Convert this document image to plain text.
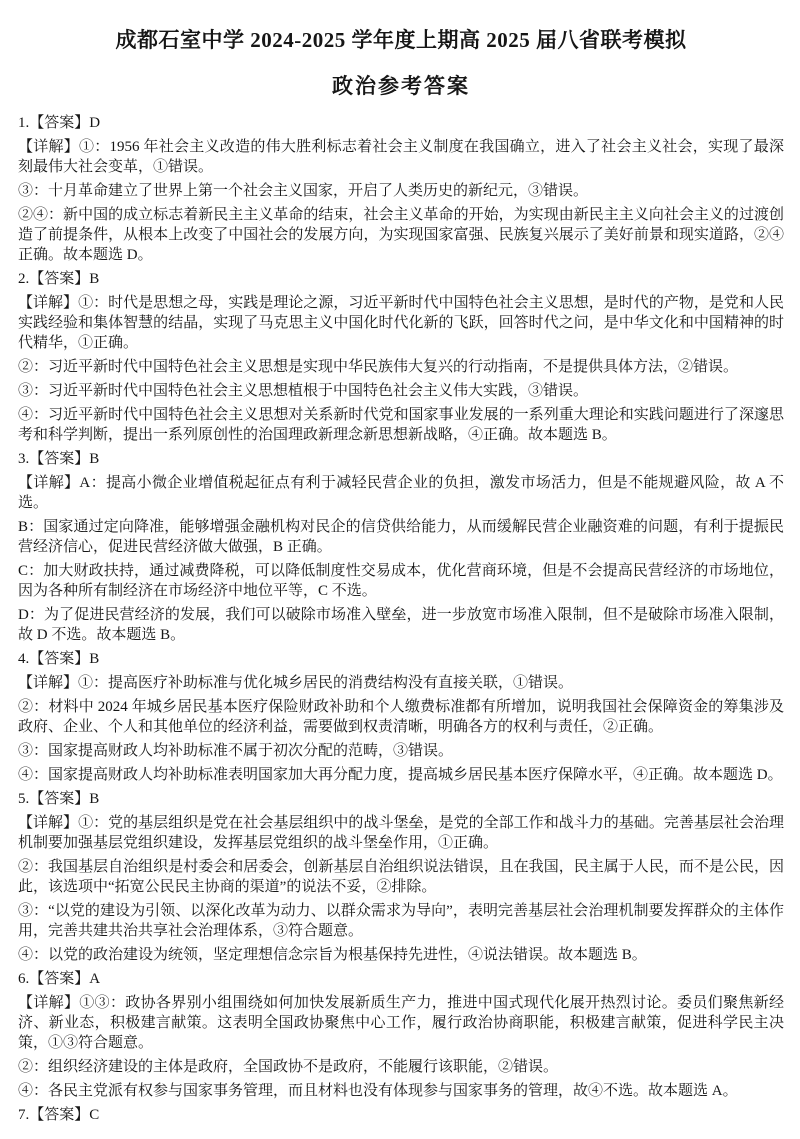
成都石室中学 2024-2025 学年度上期高 2025 届八省联考模拟
政治参考答案

1.【答案】D

【详解】①：1956 年社会主义改造的伟大胜利标志着社会主义制度在我国确立，进入了社会主义社会，实现了最深刻最伟大社会变革，①错误。

③：十月革命建立了世界上第一个社会主义国家，开启了人类历史的新纪元，③错误。

②④：新中国的成立标志着新民主主义革命的结束，社会主义革命的开始，为实现由新民主主义向社会主义的过渡创造了前提条件，从根本上改变了中国社会的发展方向，为实现国家富强、民族复兴展示了美好前景和现实道路，②④正确。故本题选 D。

2.【答案】B

【详解】①：时代是思想之母，实践是理论之源，习近平新时代中国特色社会主义思想，是时代的产物，是党和人民实践经验和集体智慧的结晶，实现了马克思主义中国化时代化新的飞跃，回答时代之问，是中华文化和中国精神的时代精华，①正确。

②：习近平新时代中国特色社会主义思想是实现中华民族伟大复兴的行动指南，不是提供具体方法，②错误。

③：习近平新时代中国特色社会主义思想植根于中国特色社会主义伟大实践，③错误。

④：习近平新时代中国特色社会主义思想对关系新时代党和国家事业发展的一系列重大理论和实践问题进行了深邃思考和科学判断，提出一系列原创性的治国理政新理念新思想新战略，④正确。故本题选 B。

3.【答案】B

【详解】A：提高小微企业增值税起征点有利于减轻民营企业的负担，激发市场活力，但是不能规避风险，故 A 不选。

B：国家通过定向降准，能够增强金融机构对民企的信贷供给能力，从而缓解民营企业融资难的问题，有利于提振民营经济信心，促进民营经济做大做强，B 正确。

C：加大财政扶持，通过减费降税，可以降低制度性交易成本，优化营商环境，但是不会提高民营经济的市场地位，因为各种所有制经济在市场经济中地位平等，C 不选。

D：为了促进民营经济的发展，我们可以破除市场准入壁垒，进一步放宽市场准入限制，但不是破除市场准入限制，故 D 不选。故本题选 B。

4.【答案】B

【详解】①：提高医疗补助标准与优化城乡居民的消费结构没有直接关联，①错误。

②：材料中 2024 年城乡居民基本医疗保险财政补助和个人缴费标准都有所增加，说明我国社会保障资金的筹集涉及政府、企业、个人和其他单位的经济利益，需要做到权责清晰，明确各方的权利与责任，②正确。

③：国家提高财政人均补助标准不属于初次分配的范畴，③错误。

④：国家提高财政人均补助标准表明国家加大再分配力度，提高城乡居民基本医疗保障水平，④正确。故本题选 D。

5.【答案】B

【详解】①：党的基层组织是党在社会基层组织中的战斗堡垒，是党的全部工作和战斗力的基础。完善基层社会治理机制要加强基层党组织建设，发挥基层党组织的战斗堡垒作用，①正确。

②：我国基层自治组织是村委会和居委会，创新基层自治组织说法错误，且在我国，民主属于人民，而不是公民，因此，该选项中“拓宽公民民主协商的渠道”的说法不妥，②排除。

③：“以党的建设为引领、以深化改革为动力、以群众需求为导向”，表明完善基层社会治理机制要发挥群众的主体作用，完善共建共治共享社会治理体系，③符合题意。

④：以党的政治建设为统领，坚定理想信念宗旨为根基保持先进性，④说法错误。故本题选 B。

6.【答案】A

【详解】①③：政协各界别小组围绕如何加快发展新质生产力，推进中国式现代化展开热烈讨论。委员们聚焦新经济、新业态，积极建言献策。这表明全国政协聚焦中心工作，履行政治协商职能，积极建言献策，促进科学民主决策，①③符合题意。

②：组织经济建设的主体是政府，全国政协不是政府，不能履行该职能，②错误。

④：各民主党派有权参与国家事务管理，而且材料也没有体现参与国家事务的管理，故④不选。故本题选 A。

7.【答案】C
